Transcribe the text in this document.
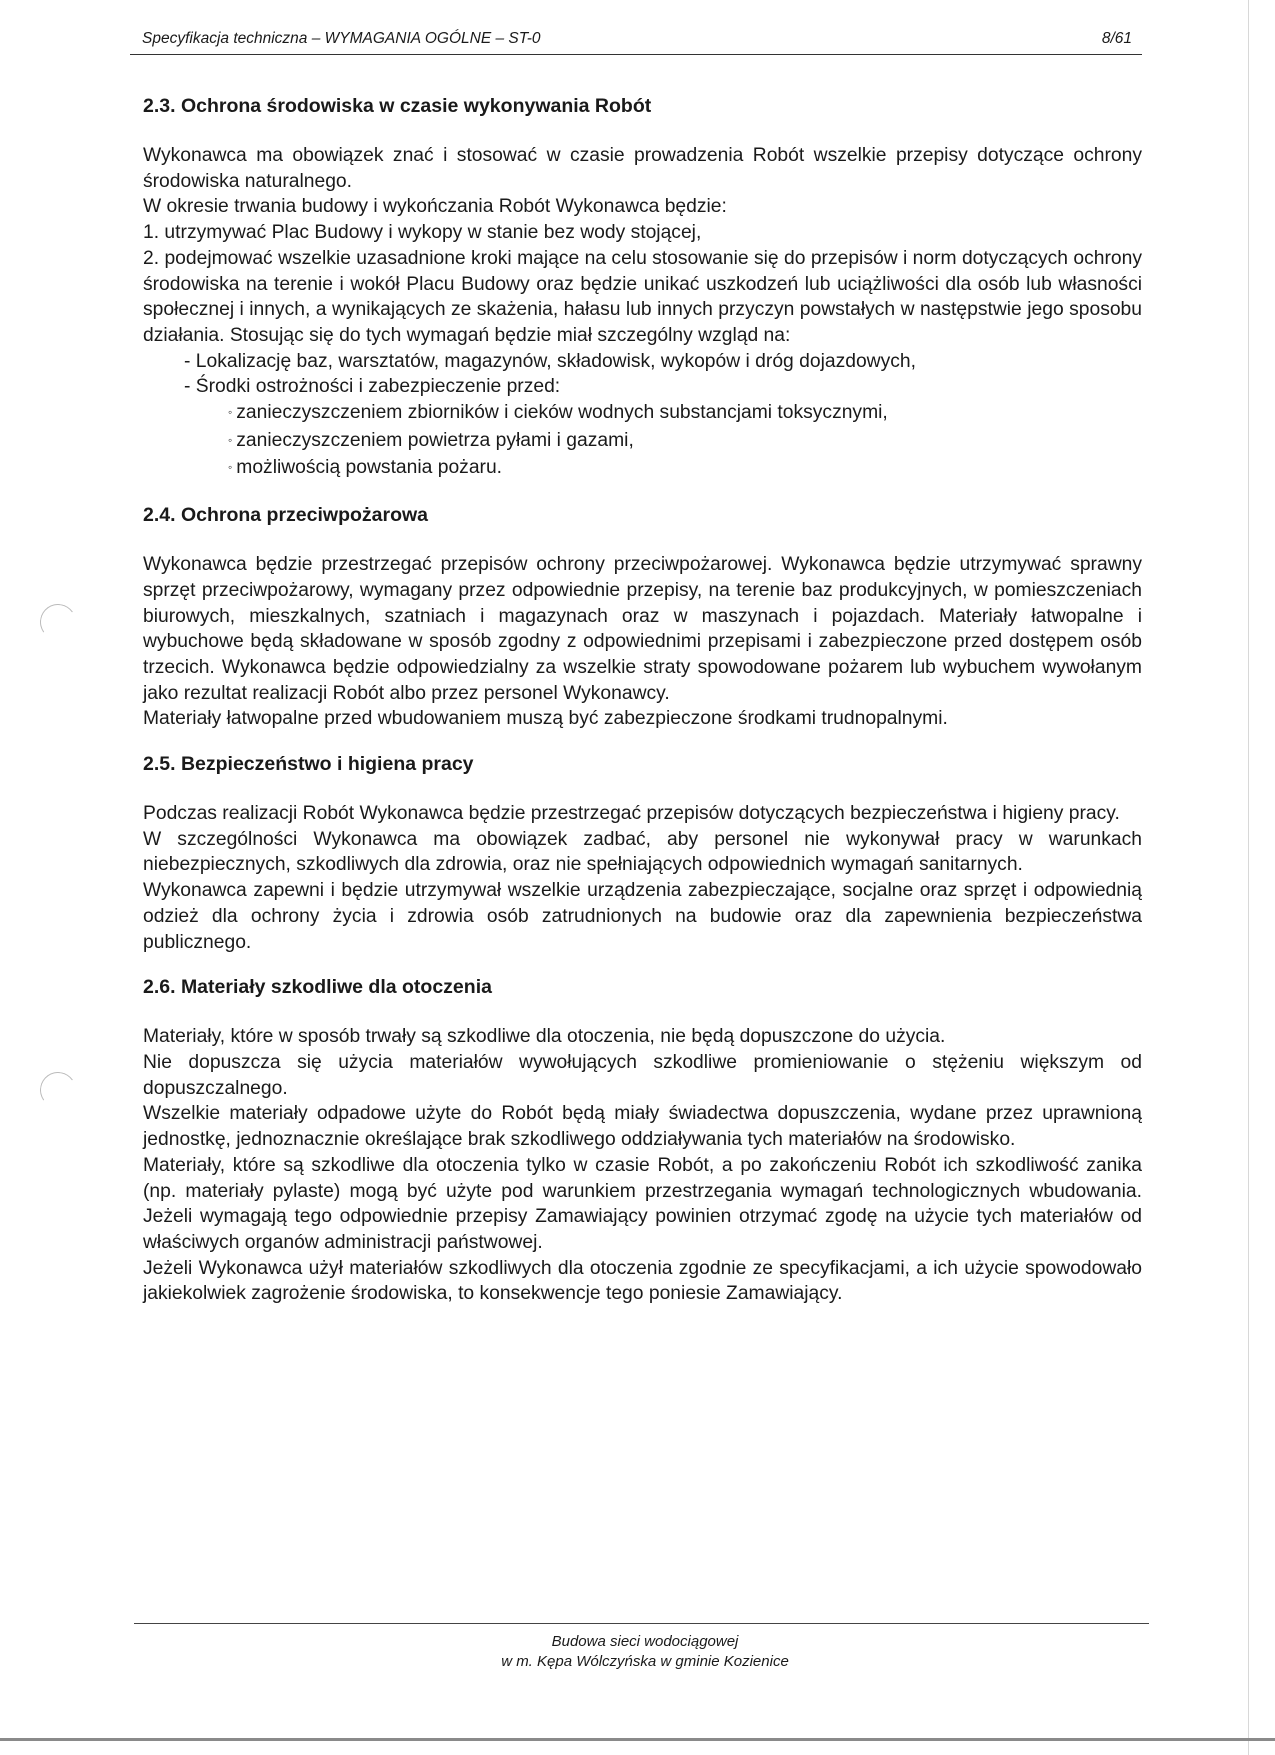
Specyfikacja techniczna – WYMAGANIA OGÓLNE – ST-0	8/61
2.3. Ochrona środowiska w czasie wykonywania Robót

Wykonawca ma obowiązek znać i stosować w czasie prowadzenia Robót wszelkie przepisy dotyczące ochrony środowiska naturalnego.

W okresie trwania budowy i wykończania Robót Wykonawca będzie:

1. utrzymywać Plac Budowy i wykopy w stanie bez wody stojącej,

2. podejmować wszelkie uzasadnione kroki mające na celu stosowanie się do przepisów i norm dotyczących ochrony środowiska na terenie i wokół Placu Budowy oraz będzie unikać uszkodzeń lub uciążliwości dla osób lub własności społecznej i innych, a wynikających ze skażenia, hałasu lub innych przyczyn powstałych w następstwie jego sposobu działania. Stosując się do tych wymagań będzie miał szczególny wzgląd na:

- Lokalizację baz, warsztatów, magazynów, składowisk, wykopów i dróg dojazdowych,

- Środki ostrożności i zabezpieczenie przed:

◦ zanieczyszczeniem zbiorników i cieków wodnych substancjami toksycznymi,

◦ zanieczyszczeniem powietrza pyłami i gazami,

◦ możliwością powstania pożaru.

2.4. Ochrona przeciwpożarowa

Wykonawca będzie przestrzegać przepisów ochrony przeciwpożarowej. Wykonawca będzie utrzymywać sprawny sprzęt przeciwpożarowy, wymagany przez odpowiednie przepisy, na terenie baz produkcyjnych, w pomieszczeniach biurowych, mieszkalnych, szatniach i magazynach oraz w maszynach i pojazdach. Materiały łatwopalne i wybuchowe będą składowane w sposób zgodny z odpowiednimi przepisami i zabezpieczone przed dostępem osób trzecich. Wykonawca będzie odpowiedzialny za wszelkie straty spowodowane pożarem lub wybuchem wywołanym jako rezultat realizacji Robót albo przez personel Wykonawcy.

Materiały łatwopalne przed wbudowaniem muszą być zabezpieczone środkami trudnopalnymi.

2.5. Bezpieczeństwo i higiena pracy

Podczas realizacji Robót Wykonawca będzie przestrzegać przepisów dotyczących bezpieczeństwa i higieny pracy.

W szczególności Wykonawca ma obowiązek zadbać, aby personel nie wykonywał pracy w warunkach niebezpiecznych, szkodliwych dla zdrowia, oraz nie spełniających odpowiednich wymagań sanitarnych.

Wykonawca zapewni i będzie utrzymywał wszelkie urządzenia zabezpieczające, socjalne oraz sprzęt i odpowiednią odzież dla ochrony życia i zdrowia osób zatrudnionych na budowie oraz dla zapewnienia bezpieczeństwa publicznego.

2.6. Materiały szkodliwe dla otoczenia

Materiały, które w sposób trwały są szkodliwe dla otoczenia, nie będą dopuszczone do użycia.

Nie dopuszcza się użycia materiałów wywołujących szkodliwe promieniowanie o stężeniu większym od dopuszczalnego.

Wszelkie materiały odpadowe użyte do Robót będą miały świadectwa dopuszczenia, wydane przez uprawnioną jednostkę, jednoznacznie określające brak szkodliwego oddziaływania tych materiałów na środowisko.

Materiały, które są szkodliwe dla otoczenia tylko w czasie Robót, a po zakończeniu Robót ich szkodliwość zanika (np. materiały pylaste) mogą być użyte pod warunkiem przestrzegania wymagań technologicznych wbudowania. Jeżeli wymagają tego odpowiednie przepisy Zamawiający powinien otrzymać zgodę na użycie tych materiałów od właściwych organów administracji państwowej.

Jeżeli Wykonawca użył materiałów szkodliwych dla otoczenia zgodnie ze specyfikacjami, a ich użycie spowodowało jakiekolwiek zagrożenie środowiska, to konsekwencje tego poniesie Zamawiający.

Budowa sieci wodociągowej
w m. Kępa Wólczyńska w gminie Kozienice
